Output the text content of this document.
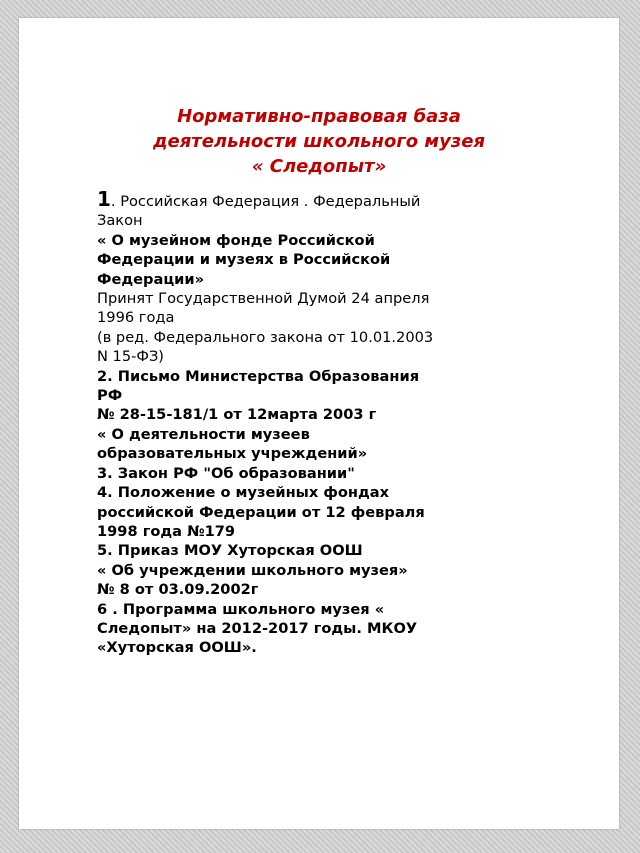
Нормативно-правовая база
деятельности школьного музея
« Следопыт»
1. Российская Федерация . Федеральный
Закон
« О музейном фонде Российской
Федерации и музеях в Российской
Федерации»
Принят Государственной Думой 24 апреля
1996 года
(в ред. Федерального закона от 10.01.2003
N 15-ФЗ)
2. Письмо Министерства Образования
РФ
№ 28-15-181/1 от 12марта 2003 г
« О деятельности музеев
образовательных учреждений»
3. Закон РФ "Об образовании"
4. Положение о музейных фондах
российской Федерации от 12 февраля
1998 года №179
5. Приказ МОУ Хуторская ООШ
« Об учреждении школьного музея»
№ 8 от 03.09.2002г
6 . Программа школьного музея «
Следопыт» на 2012-2017 годы. МКОУ
«Хуторская ООШ».
